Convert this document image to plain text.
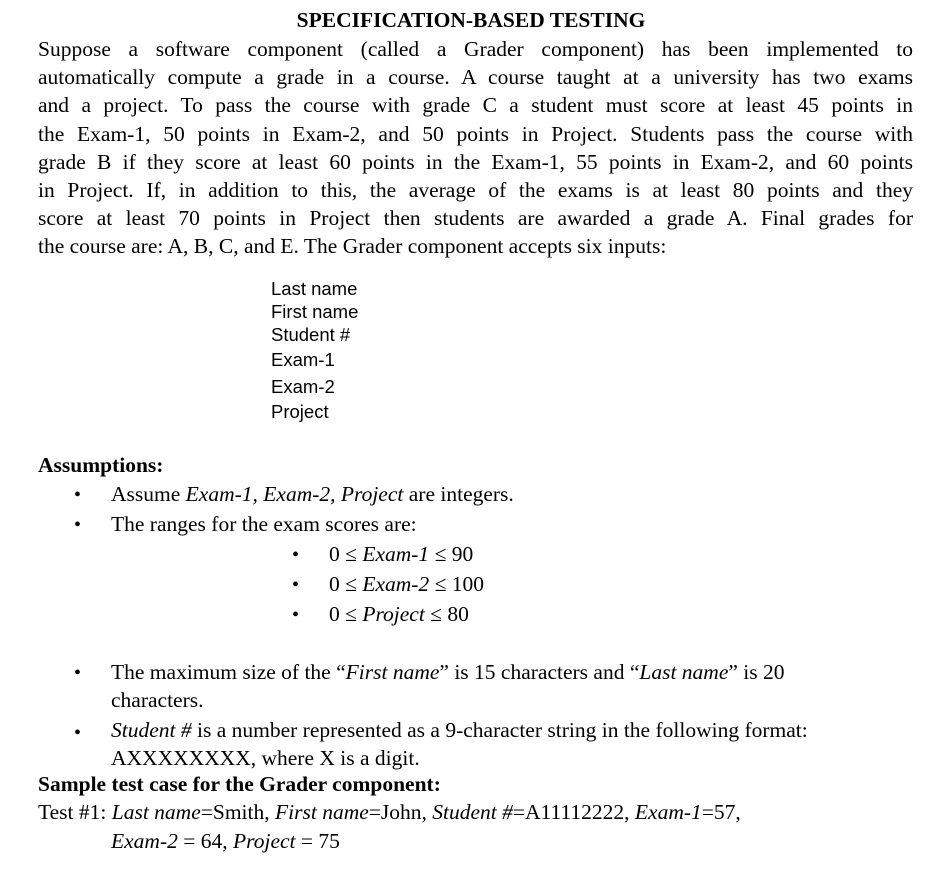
SPECIFICATION-BASED TESTING
Suppose a software component (called a Grader component) has been implemented to
automatically compute a grade in a course. A course taught at a university has two exams
and a project. To pass the course with grade C a student must score at least 45 points in
the Exam-1, 50 points in Exam-2, and 50 points in Project. Students pass the course with
grade B if they score at least 60 points in the Exam-1, 55 points in Exam-2, and 60 points
in Project. If, in addition to this, the average of the exams is at least 80 points and they
score at least 70 points in Project then students are awarded a grade A. Final grades for
the course are: A, B, C, and E. The Grader component accepts six inputs:
Last name
First name
Student #
Exam-1
Exam-2
Project
Assumptions:
• Assume Exam-1, Exam-2, Project are integers.
• The ranges for the exam scores are:
• 0 ≤ Exam-1 ≤ 90
• 0 ≤ Exam-2 ≤ 100
• 0 ≤ Project ≤ 80
• The maximum size of the “First name” is 15 characters and “Last name” is 20
characters.
• Student # is a number represented as a 9-character string in the following format:
AXXXXXXXX, where X is a digit.
Sample test case for the Grader component:
Test #1: Last name=Smith, First name=John, Student #=A11112222, Exam-1=57,
Exam-2 = 64, Project = 75
